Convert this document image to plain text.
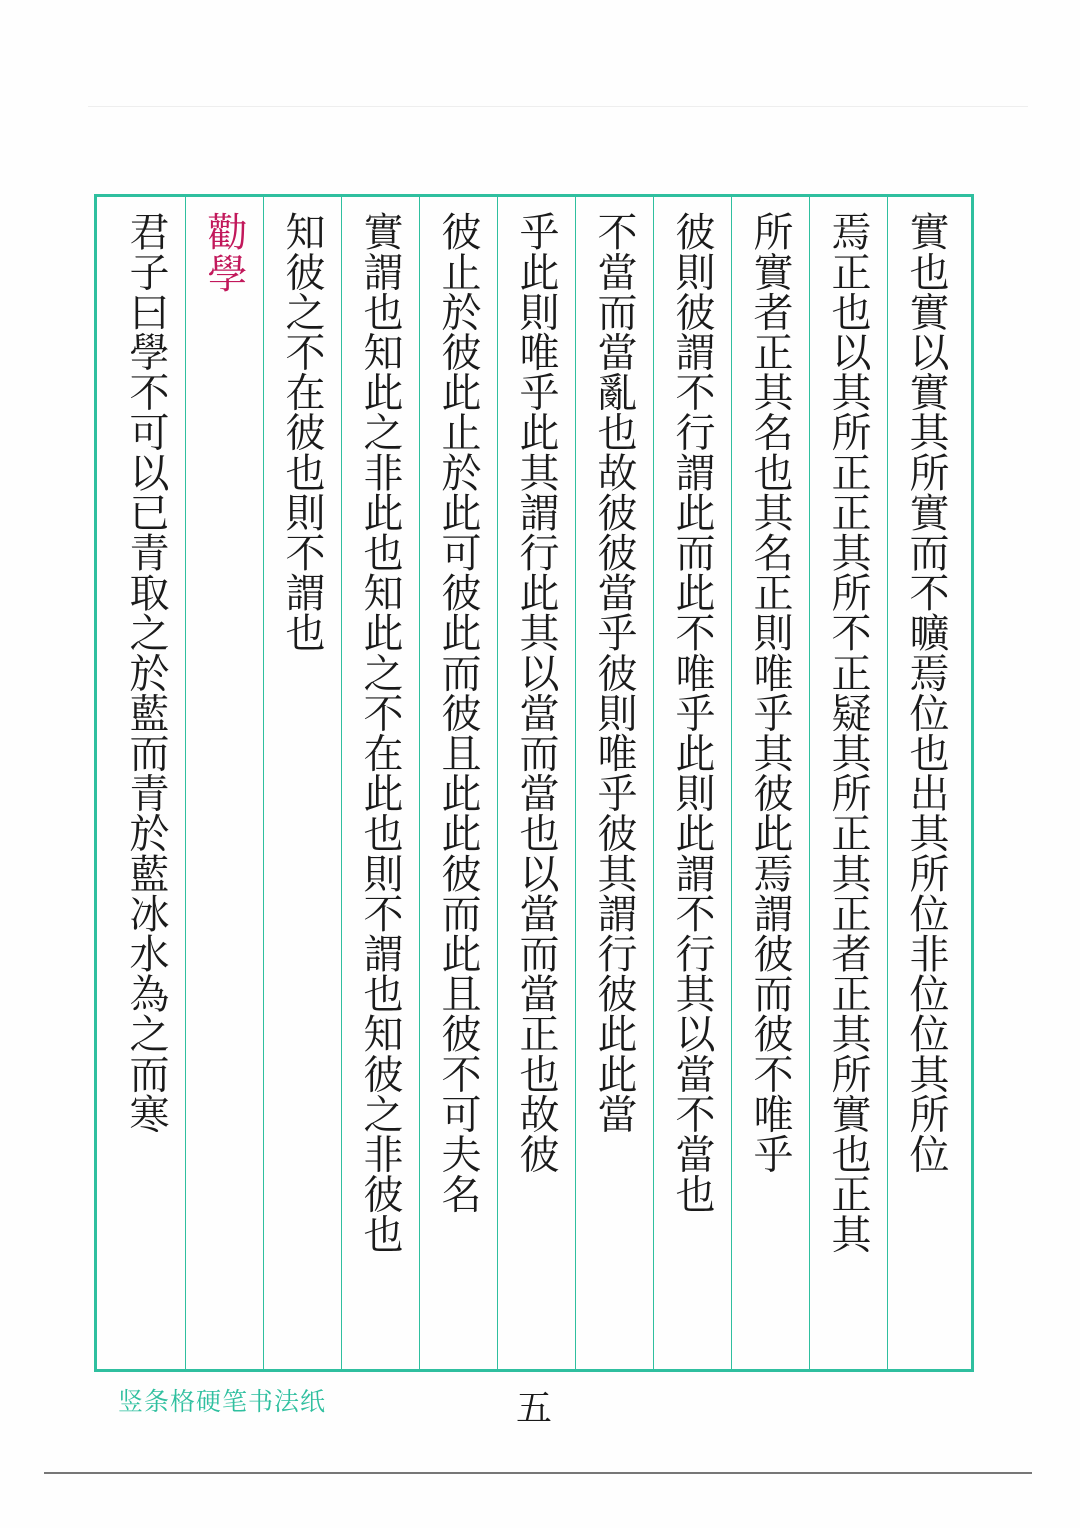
君子曰學不可以已青取之於藍而青於藍冰水為之而寒 勸學 知彼之不在彼也則不謂也 實謂也知此之非此也知此之不在此也則不謂也知彼之非彼也 彼止於彼此止於此可彼此而彼且此此彼而此且彼不可夫名 乎此則唯乎此其謂行此其以當而當也以當而當正也故彼 不當而當亂也故彼彼當乎彼則唯乎彼其謂行彼此此當 彼則彼謂不行謂此而此不唯乎此則此謂不行其以當不當也 所實者正其名也其名正則唯乎其彼此焉謂彼而彼不唯乎 焉正也以其所正正其所不正疑其所正其正者正其所實也正其 實也實以實其所實而不曠焉位也出其所位非位位其所位
竖条格硬笔书法纸	五
